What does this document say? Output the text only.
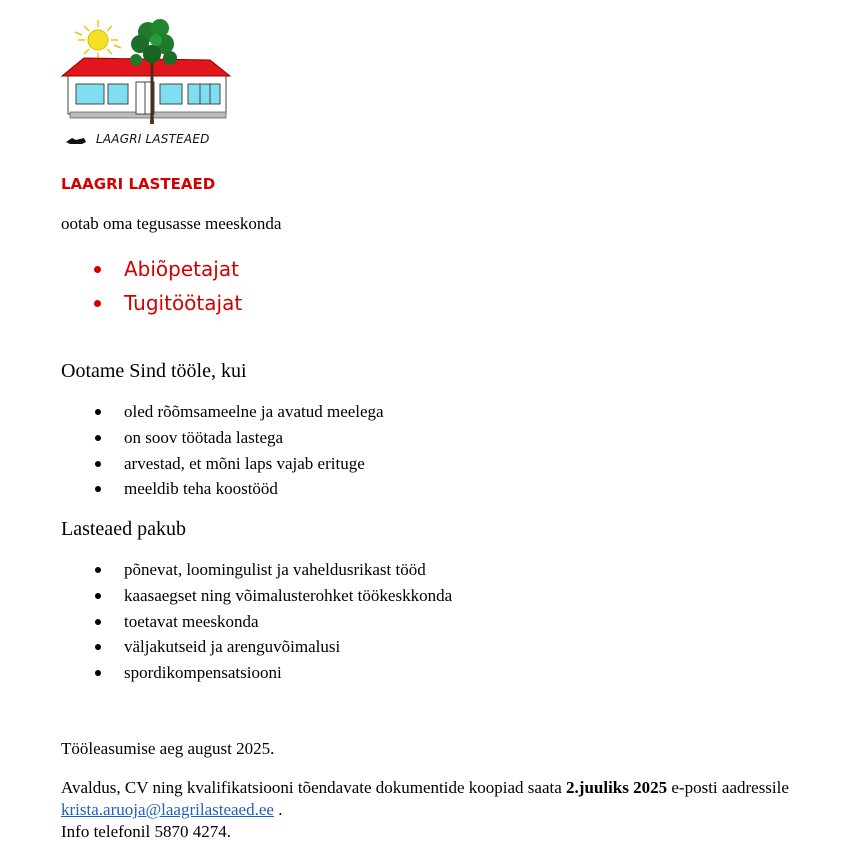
LAAGRI LASTEAED
LAAGRI LASTEAED
ootab oma tegusasse meeskonda
Abiõpetajat
Tugitöötajat
Ootame Sind tööle, kui
oled rõõmsameelne ja avatud meelega
on soov töötada lastega
arvestad, et mõni laps vajab erituge
meeldib teha koostööd
Lasteaed pakub
põnevat, loomingulist ja vaheldusrikast tööd
kaasaegset ning võimalusterohket töökeskkonda
toetavat meeskonda
väljakutseid ja arenguvõimalusi
spordikompensatsiooni
Tööleasumise aeg august 2025.
Avaldus, CV ning kvalifikatsiooni tõendavate dokumentide koopiad saata 2.juuliks 2025 e-posti aadressile krista.aruoja@laagrilasteaed.ee .
Info telefonil 5870 4274.
